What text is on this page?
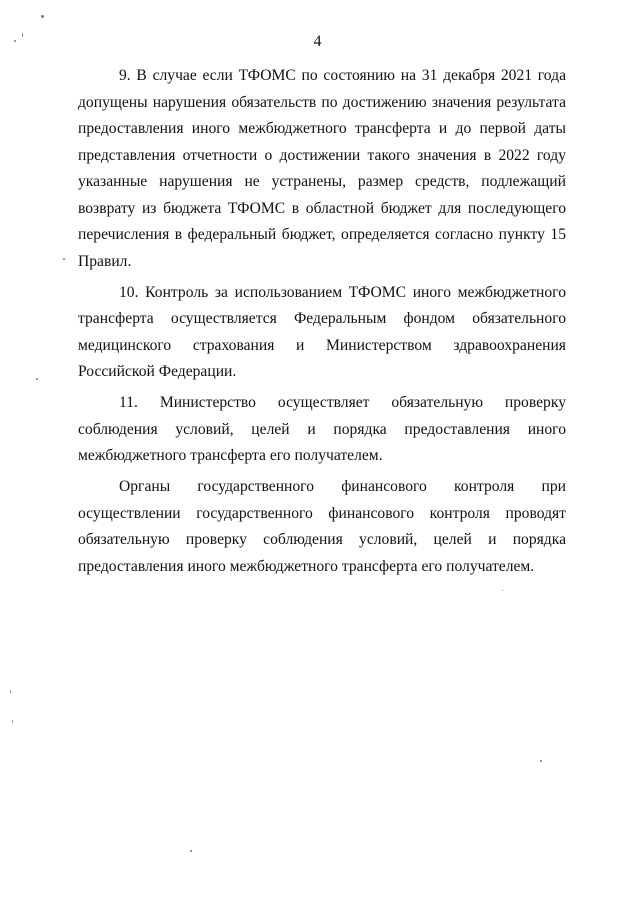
4

9. В случае если ТФОМС по состоянию на 31 декабря 2021 года допущены нарушения обязательств по достижению значения результата предоставления иного межбюджетного трансферта и до первой даты представления отчетности о достижении такого значения в 2022 году указанные нарушения не устранены, размер средств, подлежащий возврату из бюджета ТФОМС в областной бюджет для последующего перечисления в федеральный бюджет, определяется согласно пункту 15 Правил.

10. Контроль за использованием ТФОМС иного межбюджетного трансферта осуществляется Федеральным фондом обязательного медицинского страхования и Министерством здравоохранения Российской Федерации.

11. Министерство осуществляет обязательную проверку соблюдения условий, целей и порядка предоставления иного межбюджетного трансферта его получателем.

Органы государственного финансового контроля при осуществлении государственного финансового контроля проводят обязательную проверку соблюдения условий, целей и порядка предоставления иного межбюджетного трансферта его получателем.
